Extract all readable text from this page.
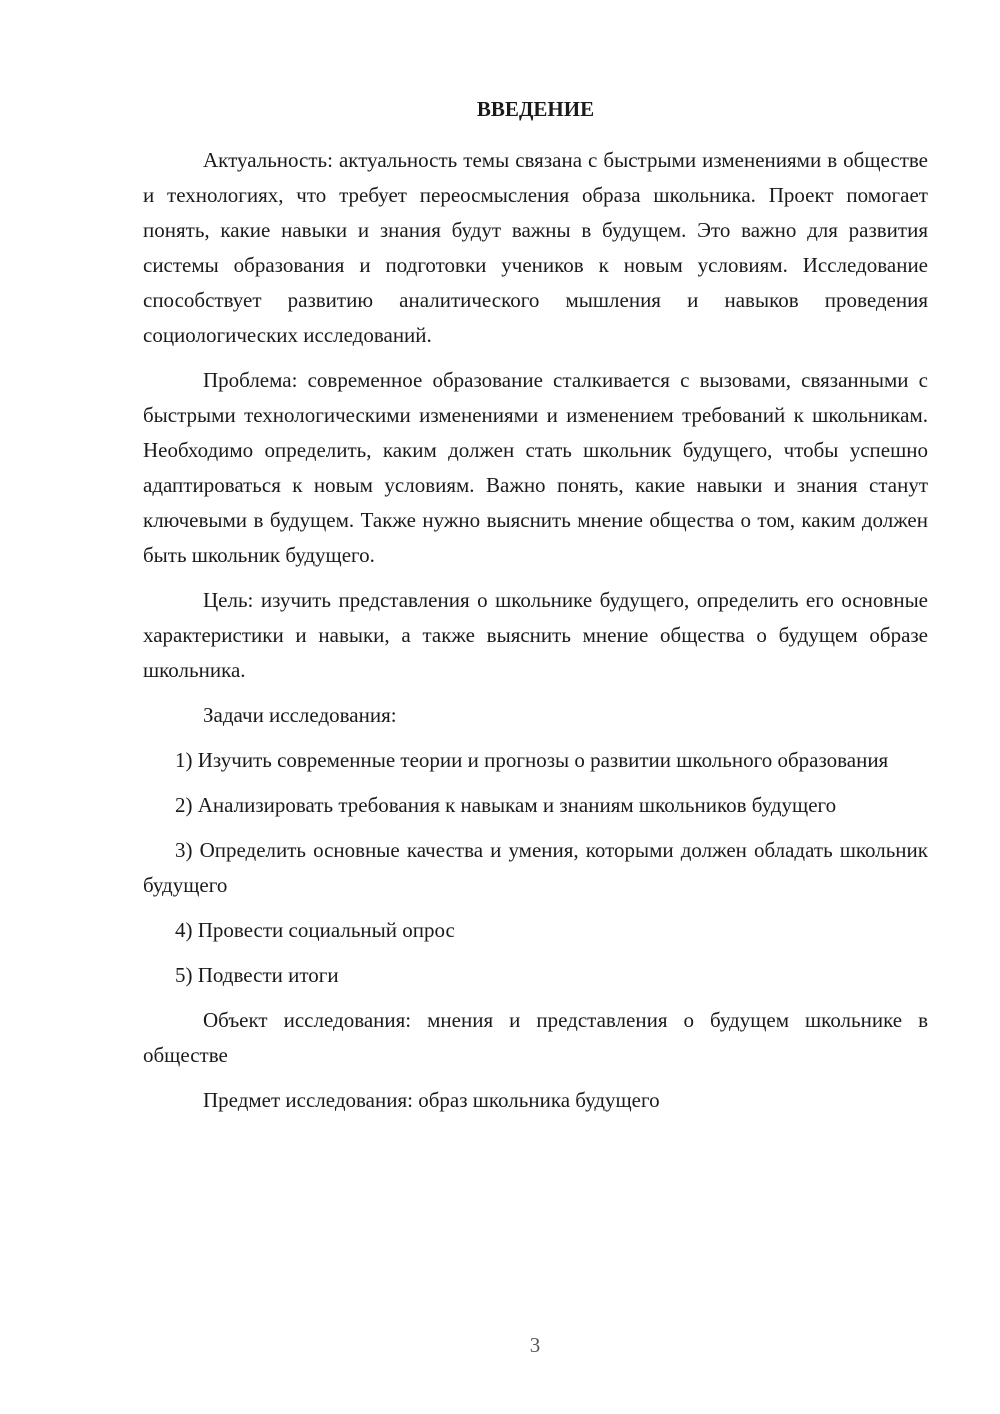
ВВЕДЕНИЕ

Актуальность: актуальность темы связана с быстрыми изменениями в обществе и технологиях, что требует переосмысления образа школьника. Проект помогает понять, какие навыки и знания будут важны в будущем. Это важно для развития системы образования и подготовки учеников к новым условиям. Исследование способствует развитию аналитического мышления и навыков проведения социологических исследований.

Проблема: современное образование сталкивается с вызовами, связанными с быстрыми технологическими изменениями и изменением требований к школьникам. Необходимо определить, каким должен стать школьник будущего, чтобы успешно адаптироваться к новым условиям. Важно понять, какие навыки и знания станут ключевыми в будущем. Также нужно выяснить мнение общества о том, каким должен быть школьник будущего.

Цель: изучить представления о школьнике будущего, определить его основные характеристики и навыки, а также выяснить мнение общества о будущем образе школьника.

Задачи исследования:

1) Изучить современные теории и прогнозы о развитии школьного образования

2) Анализировать требования к навыкам и знаниям школьников будущего

3) Определить основные качества и умения, которыми должен обладать школьник будущего

4) Провести социальный опрос

5) Подвести итоги

Объект исследования: мнения и представления о будущем школьнике в обществе

Предмет исследования: образ школьника будущего

3
